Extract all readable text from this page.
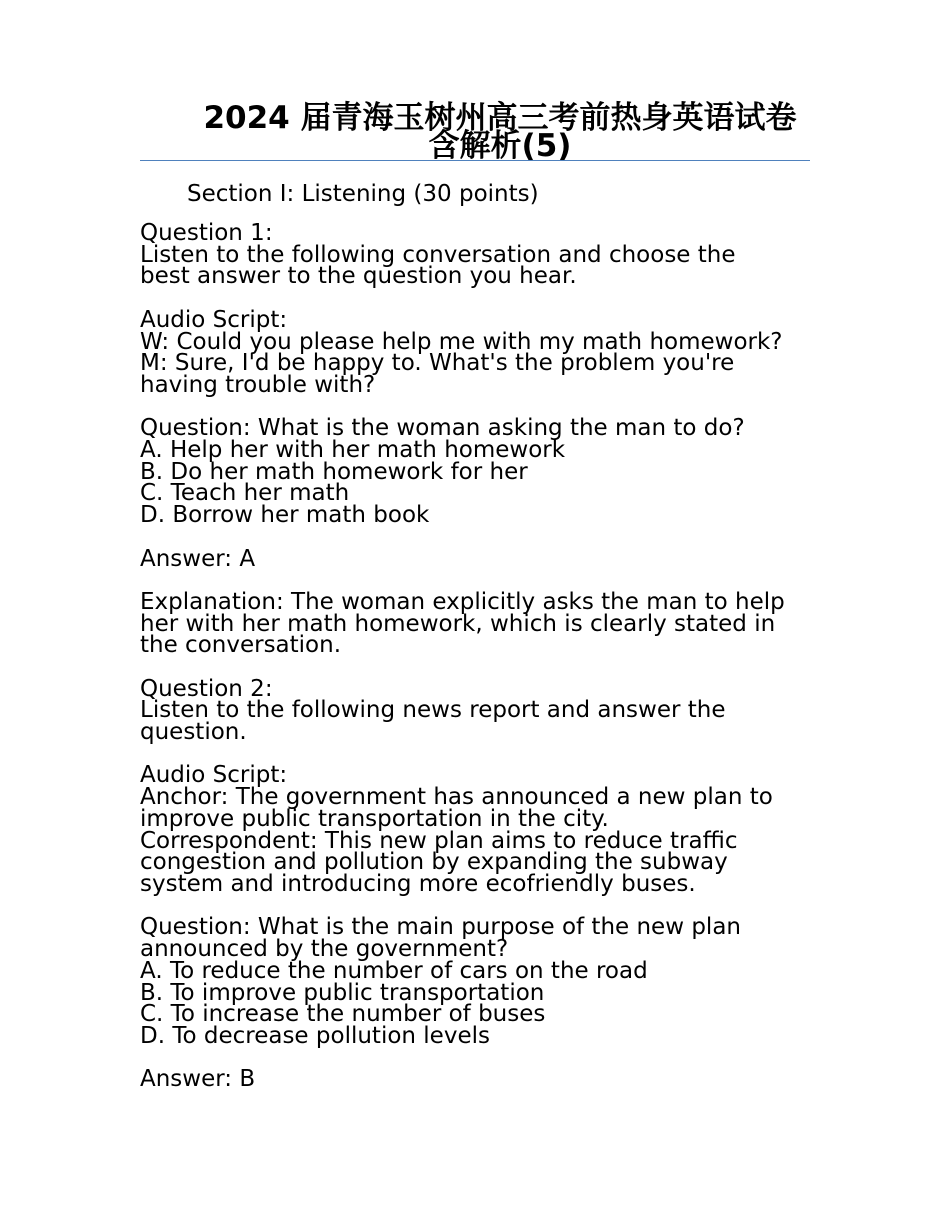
2024 届青海玉树州高三考前热身英语试卷含解析(5)
Section I: Listening (30 points)
Question 1:
Listen to the following conversation and choose the
best answer to the question you hear.
Audio Script:
W: Could you please help me with my math homework?
M: Sure, I'd be happy to. What's the problem you're
having trouble with?
Question: What is the woman asking the man to do?
A. Help her with her math homework
B. Do her math homework for her
C. Teach her math
D. Borrow her math book
Answer: A
Explanation: The woman explicitly asks the man to help
her with her math homework, which is clearly stated in
the conversation.
Question 2:
Listen to the following news report and answer the
question.
Audio Script:
Anchor: The government has announced a new plan to
improve public transportation in the city.
Correspondent: This new plan aims to reduce traffic
congestion and pollution by expanding the subway
system and introducing more ecofriendly buses.
Question: What is the main purpose of the new plan
announced by the government?
A. To reduce the number of cars on the road
B. To improve public transportation
C. To increase the number of buses
D. To decrease pollution levels
Answer: B
